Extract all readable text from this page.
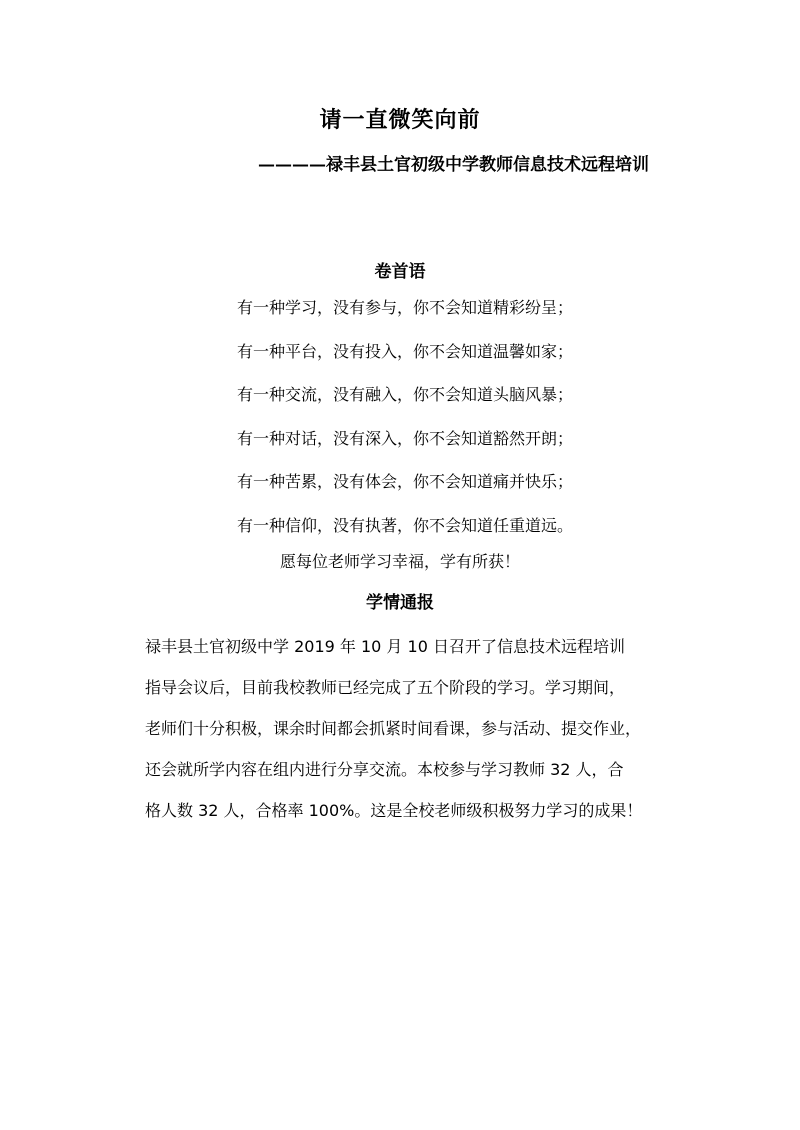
请一直微笑向前
————禄丰县土官初级中学教师信息技术远程培训
卷首语
有一种学习，没有参与，你不会知道精彩纷呈；
有一种平台，没有投入，你不会知道温馨如家；
有一种交流，没有融入，你不会知道头脑风暴；
有一种对话，没有深入，你不会知道豁然开朗；
有一种苦累，没有体会，你不会知道痛并快乐；
有一种信仰，没有执著，你不会知道任重道远。
愿每位老师学习幸福，学有所获！
学情通报

禄丰县土官初级中学 2019 年 10 月 10 日召开了信息技术远程培训
指导会议后，目前我校教师已经完成了五个阶段的学习。学习期间，
老师们十分积极，课余时间都会抓紧时间看课，参与活动、提交作业，
还会就所学内容在组内进行分享交流。本校参与学习教师 32 人，合
格人数 32 人，合格率 100%。这是全校老师级积极努力学习的成果！
